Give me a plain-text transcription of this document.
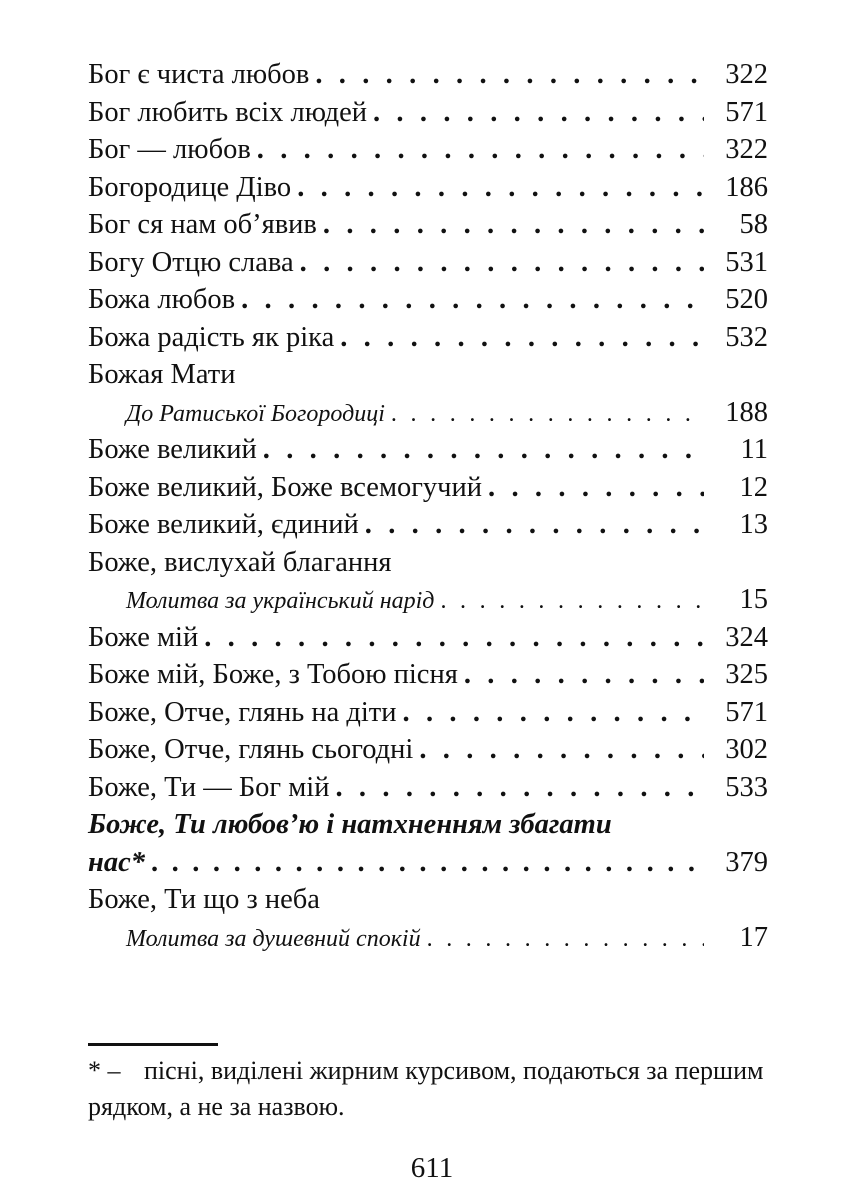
Бог є чиста любов . . .	322
Бог любить всіх людей . . .	571
Бог — любов . . .	322
Богородице Діво . . .	186
Бог ся нам об’явив . . .	58
Богу Отцю слава . . .	531
Божа любов . . .	520
Божа радість як ріка . . .	532
Божая Мати
До Ратиської Богородиці . . .	188
Боже великий . . .	11
Боже великий, Боже всемогучий . . .	12
Боже великий, єдиний . . .	13
Боже, вислухай благання
Молитва за український нарід . . .	15
Боже мій . . .	324
Боже мій, Боже, з Тобою пісня . . .	325
Боже, Отче, глянь на діти . . .	571
Боже, Отче, глянь сьогодні . . .	302
Боже, Ти — Бог мій . . .	533
Боже, Ти любов’ю і натхненням збагати
нас* . . .	379
Боже, Ти що з неба
Молитва за душевний спокій . . .	17
* – пісні, виділені жирним курсивом, подаються за першим рядком, а не за назвою.
611
